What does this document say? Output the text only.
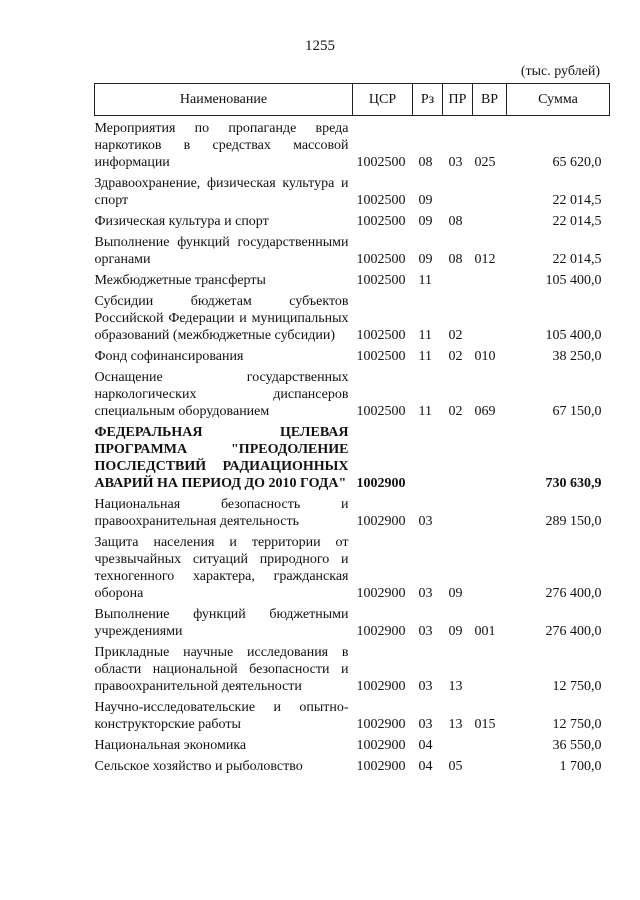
1255
(тыс. рублей)
Наименование	ЦСР	Рз	ПР	ВР	Сумма
Мероприятия по пропаганде вреда наркотиков в средствах массовой информации	1002500	08	03	025	65 620,0
Здравоохранение, физическая культура и спорт	1002500	09			22 014,5
Физическая культура и спорт	1002500	09	08		22 014,5
Выполнение функций государственными органами	1002500	09	08	012	22 014,5
Межбюджетные трансферты	1002500	11			105 400,0
Субсидии бюджетам субъектов Российской Федерации и муниципальных образований (межбюджетные субсидии)	1002500	11	02		105 400,0
Фонд софинансирования	1002500	11	02	010	38 250,0
Оснащение государственных наркологических диспансеров специальным оборудованием	1002500	11	02	069	67 150,0
ФЕДЕРАЛЬНАЯ ЦЕЛЕВАЯ ПРОГРАММА "ПРЕОДОЛЕНИЕ ПОСЛЕДСТВИЙ РАДИАЦИОННЫХ АВАРИЙ НА ПЕРИОД ДО 2010 ГОДА"	1002900				730 630,9
Национальная безопасность и правоохранительная деятельность	1002900	03			289 150,0
Защита населения и территории от чрезвычайных ситуаций природного и техногенного характера, гражданская оборона	1002900	03	09		276 400,0
Выполнение функций бюджетными учреждениями	1002900	03	09	001	276 400,0
Прикладные научные исследования в области национальной безопасности и правоохранительной деятельности	1002900	03	13		12 750,0
Научно-исследовательские и опытно-конструкторские работы	1002900	03	13	015	12 750,0
Национальная экономика	1002900	04			36 550,0
Сельское хозяйство и рыболовство	1002900	04	05		1 700,0
